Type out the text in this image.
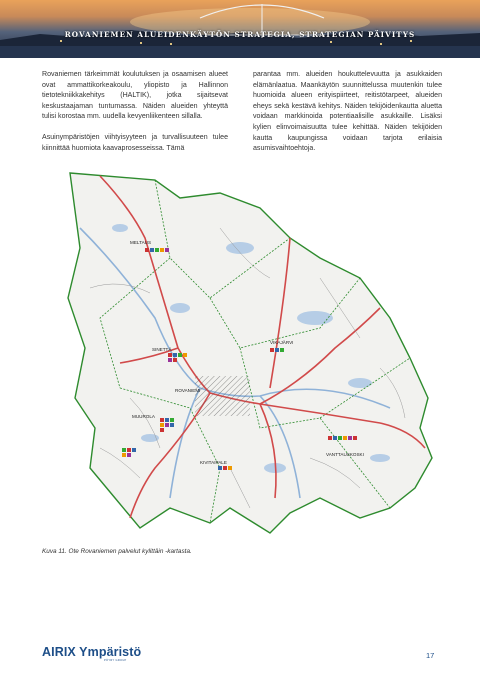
ROVANIEMEN ALUEIDENKÄYTÖN STRATEGIA, STRATEGIAN PÄIVITYS

Rovaniemen tärkeimmät koulutuksen ja osaamisen alueet ovat ammattikorkeakoulu, yliopisto ja Hallinnon tietotekniikkakehitys (HALTIK), jotka sijaitsevat keskustaajaman tuntumassa. Näiden alueiden yhteyttä tulisi korostaa mm. uudella kevyenliikenteen sillalla.

Asuinympäristöjen viihtyisyyteen ja turvallisuuteen tulee kiinnittää huomiota kaavaprosesseissa. Tämä

parantaa mm. alueiden houkuttelevuutta ja asukkaiden elämänlaatua. Maankäytön suunnittelussa muutenkin tulee huomioida alueen erityispiirteet, reitistötarpeet, alueiden eheys sekä kestävä kehitys. Näiden tekijöidenkautta aluetta voidaan markkinoida potentiaalisille asukkaille. Lisäksi kylien elinvoimaisuutta tulee kehittää. Näiden tekijöiden kautta kaupungissa voidaan tarjota erilaisia asumisvaihtoehtoja.

MELTAUS
SINETTÄ
ROVANIEMI
MUUROLA
VIKAJÄRVI
VANTTAUSKOSKI
KIVITAIPALE
Kuva 11. Ote Rovaniemen palvelut kylittäin -kartasta.
AIRIX Ympäristö
PÖYRY GROUP
17
